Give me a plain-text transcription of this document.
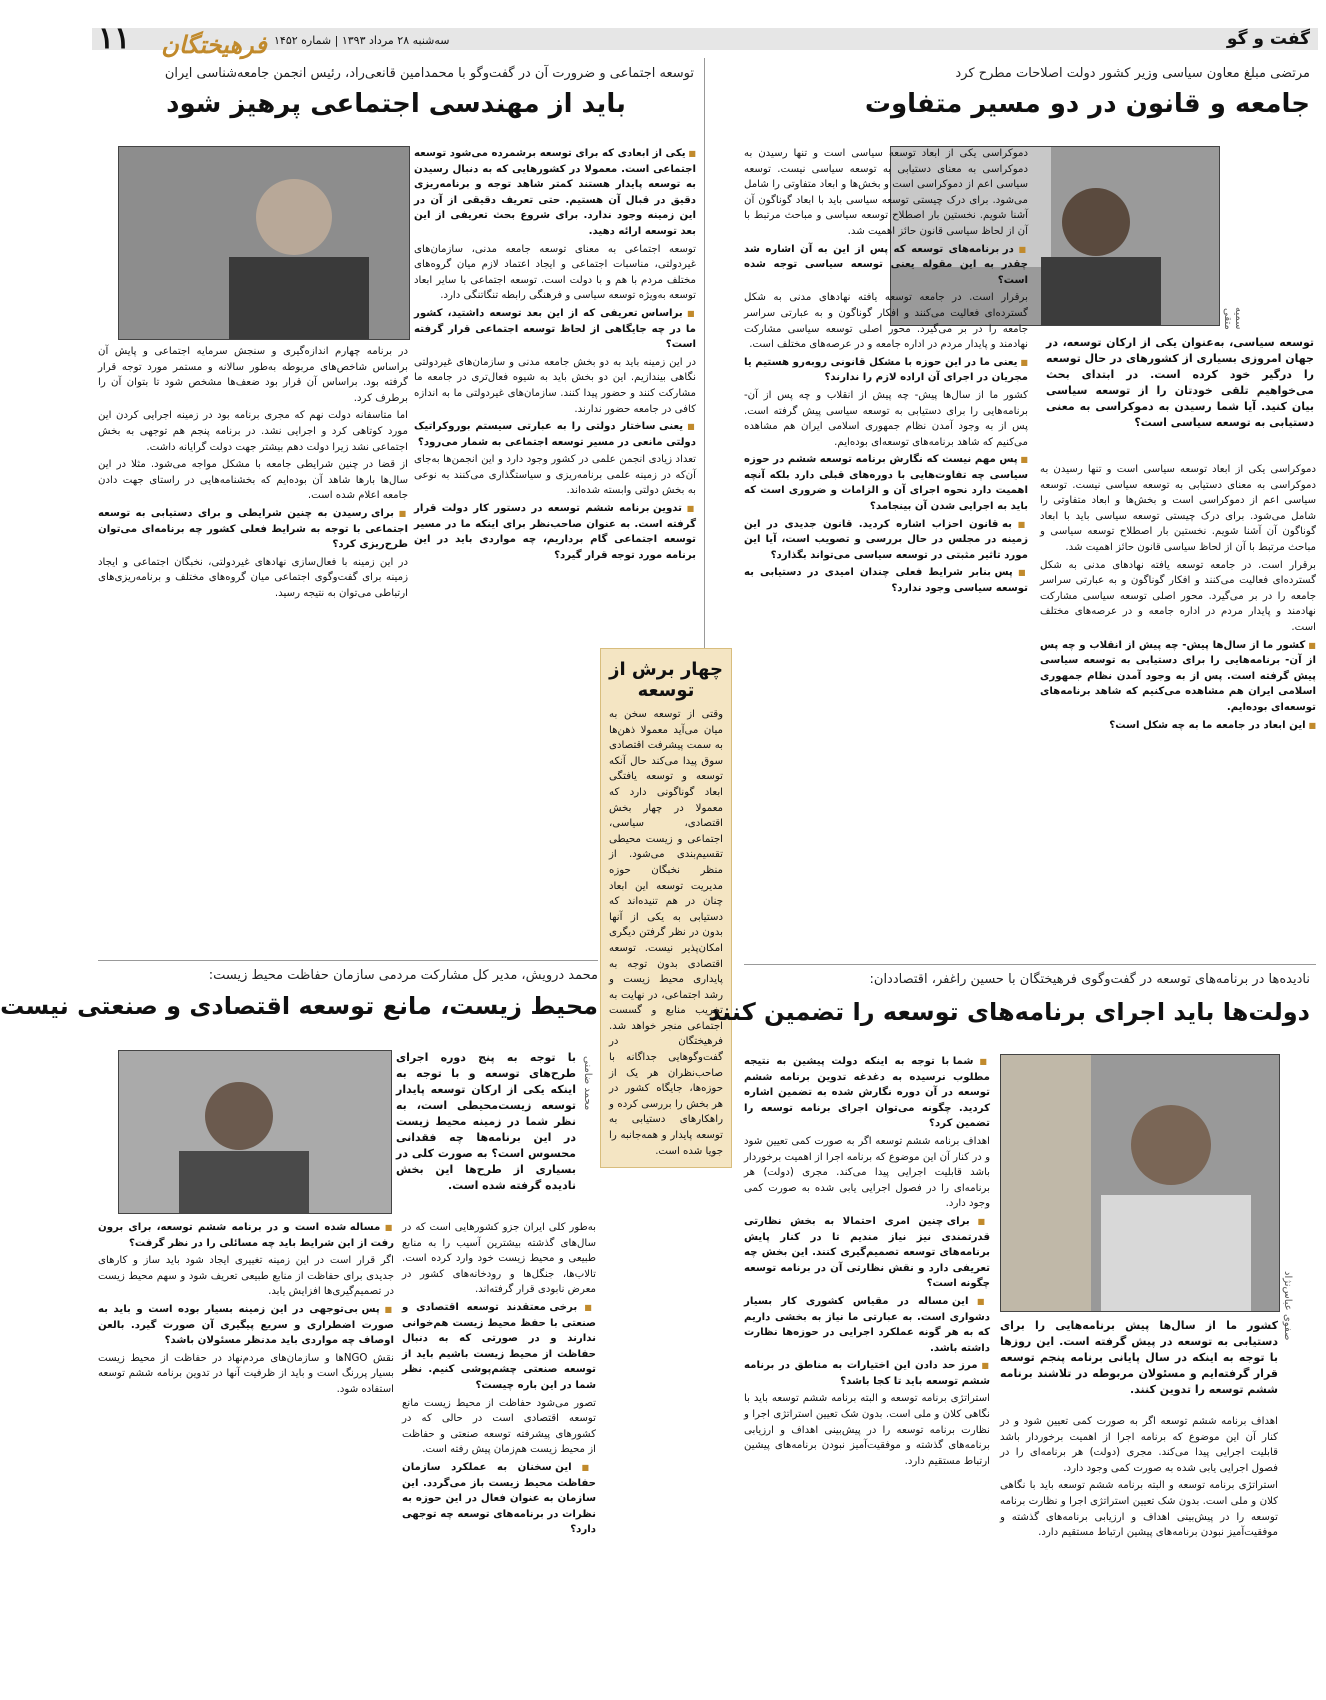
گفت و گو
۱۱	فرهیختگان سه‌شنبه ۲۸ مرداد ۱۳۹۳ | شماره ۱۴۵۲
مرتضی مبلغ معاون سیاسی وزیر کشور دولت اصلاحات مطرح کرد
جامعه و قانون در دو مسیر متفاوت
سمیه متقی
توسعه سیاسی، به‌عنوان یکی از ارکان توسعه، در جهان امروزی بسیاری از کشورهای در حال توسعه را درگیر خود کرده است. در ابتدای بحث می‌خواهیم تلقی خودتان را از توسعه سیاسی بیان کنید. آیا شما رسیدن به دموکراسی به معنی دستیابی به توسعه سیاسی است؟

دموکراسی یکی از ابعاد توسعه سیاسی است و تنها رسیدن به دموکراسی به معنای دستیابی به توسعه سیاسی نیست. توسعه سیاسی اعم از دموکراسی است و بخش‌ها و ابعاد متفاوتی را شامل می‌شود. برای درک چیستی توسعه سیاسی باید با ابعاد گوناگون آن آشنا شویم. نخستین بار اصطلاح توسعه سیاسی و مباحث مرتبط با آن از لحاظ سیاسی قانون حائز اهمیت شد.

برقرار است. در جامعه توسعه یافته نهادهای مدنی به شکل گسترده‌ای فعالیت می‌کنند و افکار گوناگون و به عبارتی سراسر جامعه را در بر می‌گیرد. محور اصلی توسعه سیاسی مشارکت نهادمند و پایدار مردم در اداره جامعه و در عرصه‌های مختلف است.

■ کشور ما از سال‌ها پیش- چه پیش از انقلاب و چه پس از آن- برنامه‌هایی را برای دستیابی به توسعه سیاسی پیش گرفته است. پس از به وجود آمدن نظام جمهوری اسلامی ایران هم مشاهده می‌کنیم که شاهد برنامه‌های توسعه‌ای بوده‌ایم.

■ این ابعاد در جامعه ما به چه شکل است؟

دموکراسی یکی از ابعاد توسعه سیاسی است و تنها رسیدن به دموکراسی به معنای دستیابی به توسعه سیاسی نیست. توسعه سیاسی اعم از دموکراسی است و بخش‌ها و ابعاد متفاوتی را شامل می‌شود. برای درک چیستی توسعه سیاسی باید با ابعاد گوناگون آن آشنا شویم. نخستین بار اصطلاح توسعه سیاسی و مباحث مرتبط با آن از لحاظ سیاسی قانون حائز اهمیت شد.

■ در برنامه‌های توسعه که پس از این به آن اشاره شد چقدر به این مقوله یعنی توسعه سیاسی توجه شده است؟

برقرار است. در جامعه توسعه یافته نهادهای مدنی به شکل گسترده‌ای فعالیت می‌کنند و افکار گوناگون و به عبارتی سراسر جامعه را در بر می‌گیرد. محور اصلی توسعه سیاسی مشارکت نهادمند و پایدار مردم در اداره جامعه و در عرصه‌های مختلف است.

■ یعنی ما در این حوزه با مشکل قانونی روبه‌رو هستیم یا مجریان در اجرای آن اراده لازم را ندارند؟

کشور ما از سال‌ها پیش- چه پیش از انقلاب و چه پس از آن- برنامه‌هایی را برای دستیابی به توسعه سیاسی پیش گرفته است. پس از به وجود آمدن نظام جمهوری اسلامی ایران هم مشاهده می‌کنیم که شاهد برنامه‌های توسعه‌ای بوده‌ایم.

■ پس مهم نیست که نگارش برنامه توسعه ششم در حوزه سیاسی چه تفاوت‌هایی با دوره‌های قبلی دارد بلکه آنچه اهمیت دارد نحوه اجرای آن و الزامات و ضروری است که باید به اجرایی شدن آن بینجامد؟

■ به قانون احزاب اشاره کردید. قانون جدیدی در این زمینه در مجلس در حال بررسی و تصویب است، آیا این مورد تاثیر مثبتی در توسعه سیاسی می‌تواند بگذارد؟

■ پس بنابر شرایط فعلی چندان امیدی در دستیابی به توسعه سیاسی وجود ندارد؟

توسعه اجتماعی و ضرورت آن در گفت‌وگو با محمدامین قانعی‌راد، رئیس انجمن جامعه‌شناسی ایران
باید از مهندسی اجتماعی پرهیز شود

■ یکی از ابعادی که برای توسعه برشمرده می‌شود توسعه اجتماعی است. معمولا در کشورهایی که به دنبال رسیدن به توسعه پایدار هستند کمتر شاهد توجه و برنامه‌ریزی دقیق در قبال آن هستیم. حتی تعریف دقیقی از آن در این زمینه وجود ندارد. برای شروع بحث تعریفی از این بعد توسعه ارائه دهید.

توسعه اجتماعی به معنای توسعه جامعه مدنی، سازمان‌های غیردولتی، مناسبات اجتماعی و ایجاد اعتماد لازم میان گروه‌های مختلف مردم با هم و با دولت است. توسعه اجتماعی با سایر ابعاد توسعه به‌ویژه توسعه سیاسی و فرهنگی رابطه تنگاتنگی دارد.

■ براساس تعریفی که از این بعد توسعه داشتید، کشور ما در چه جایگاهی از لحاظ توسعه اجتماعی قرار گرفته است؟

در این زمینه باید به دو بخش جامعه مدنی و سازمان‌های غیردولتی نگاهی بیندازیم. این دو بخش باید به شیوه فعال‌تری در جامعه ما مشارکت کنند و حضور پیدا کنند. سازمان‌های غیردولتی ما به اندازه کافی در جامعه حضور ندارند.

■ یعنی ساختار دولتی را به عبارتی سیستم بوروکراتیک دولتی مانعی در مسیر توسعه اجتماعی به شمار می‌رود؟

تعداد زیادی انجمن علمی در کشور وجود دارد و این انجمن‌ها به‌جای آن‌که در زمینه علمی برنامه‌ریزی و سیاستگذاری می‌کنند به نوعی به بخش دولتی وابسته شده‌اند.

■ تدوین برنامه ششم توسعه در دستور کار دولت قرار گرفته است. به عنوان صاحب‌نظر برای اینکه ما در مسیر توسعه اجتماعی گام برداریم، چه مواردی باید در این برنامه مورد توجه قرار گیرد؟

در برنامه چهارم اندازه‌گیری و سنجش سرمایه اجتماعی و پایش آن براساس شاخص‌های مربوطه به‌طور سالانه و مستمر مورد توجه قرار گرفته بود. براساس آن قرار بود ضعف‌ها مشخص شود تا بتوان آن را برطرف کرد.

اما متاسفانه دولت نهم که مجری برنامه بود در زمینه اجرایی کردن این مورد کوتاهی کرد و اجرایی نشد. در برنامه پنجم هم توجهی به بخش اجتماعی نشد زیرا دولت دهم بیشتر جهت دولت گرایانه داشت.

از قضا در چنین شرایطی جامعه با مشکل مواجه می‌شود. مثلا در این سال‌ها بارها شاهد آن بوده‌ایم که بخشنامه‌هایی در راستای جهت دادن جامعه اعلام شده است.

■ برای رسیدن به چنین شرایطی و برای دستیابی به توسعه اجتماعی با توجه به شرایط فعلی کشور چه برنامه‌ای می‌توان طرح‌ریزی کرد؟

در این زمینه با فعال‌سازی نهادهای غیردولتی، نخبگان اجتماعی و ایجاد زمینه برای گفت‌وگوی اجتماعی میان گروه‌های مختلف و برنامه‌ریزی‌های ارتباطی می‌توان به نتیجه رسید.

چهار برش از توسعه
وقتی از توسعه سخن به میان می‌آید معمولا ذهن‌ها به سمت پیشرفت اقتصادی سوق پیدا می‌کند حال آنکه توسعه و توسعه یافتگی ابعاد گوناگونی دارد که معمولا در چهار بخش اقتصادی، سیاسی، اجتماعی و زیست محیطی تقسیم‌بندی می‌شود. از منظر نخبگان حوزه مدیریت توسعه این ابعاد چنان در هم تنیده‌اند که دستیابی به یکی از آنها بدون در نظر گرفتن دیگری امکان‌پذیر نیست. توسعه اقتصادی بدون توجه به پایداری محیط زیست و رشد اجتماعی، در نهایت به تخریب منابع و گسست اجتماعی منجر خواهد شد. فرهیختگان در گفت‌وگوهایی جداگانه با صاحب‌نظران هر یک از حوزه‌ها، جایگاه کشور در هر بخش را بررسی کرده و راهکارهای دستیابی به توسعه پایدار و همه‌جانبه را جویا شده است.
محمد درویش، مدیر کل مشارکت مردمی سازمان حفاظت محیط زیست:
محیط زیست، مانع توسعه اقتصادی و صنعتی نیست
محمد ضامنی
با توجه به پنج دوره اجرای طرح‌های توسعه و با توجه به اینکه یکی از ارکان توسعه پایدار توسعه زیست‌محیطی است، به نظر شما در زمینه محیط زیست در این برنامه‌ها چه فقدانی محسوس است؟ به صورت کلی در بسیاری از طرح‌ها این بخش نادیده گرفته شده است.

به‌طور کلی ایران جزو کشورهایی است که در سال‌های گذشته بیشترین آسیب را به منابع طبیعی و محیط زیست خود وارد کرده است. تالاب‌ها، جنگل‌ها و رودخانه‌های کشور در معرض نابودی قرار گرفته‌اند.

■ برخی معتقدند توسعه اقتصادی و صنعتی با حفظ محیط زیست هم‌خوانی ندارند و در صورتی که به دنبال حفاظت از محیط زیست باشیم باید از توسعه صنعتی چشم‌پوشی کنیم. نظر شما در این باره چیست؟

تصور می‌شود حفاظت از محیط زیست مانع توسعه اقتصادی است در حالی که در کشورهای پیشرفته توسعه صنعتی و حفاظت از محیط زیست هم‌زمان پیش رفته است.

■ این سخنان به عملکرد سازمان حفاظت محیط زیست باز می‌گردد. این سازمان به عنوان فعال در این حوزه به نظرات در برنامه‌های توسعه چه توجهی دارد؟

■ مساله شده است و در برنامه ششم توسعه، برای برون رفت از این شرایط باید چه مسائلی را در نظر گرفت؟

اگر قرار است در این زمینه تغییری ایجاد شود باید ساز و کارهای جدیدی برای حفاظت از منابع طبیعی تعریف شود و سهم محیط زیست در تصمیم‌گیری‌ها افزایش یابد.

■ پس بی‌توجهی در این زمینه بسیار بوده است و باید به صورت اضطراری و سریع پیگیری آن صورت گیرد. بالعن اوصاف چه مواردی باید مدنظر مسئولان باشد؟

نقش NGOها و سازمان‌های مردم‌نهاد در حفاظت از محیط زیست بسیار پررنگ است و باید از ظرفیت آنها در تدوین برنامه ششم توسعه استفاده شود.

نادیده‌ها در برنامه‌های توسعه در گفت‌وگوی فرهیختگان با حسین راغفر، اقتصاددان:
دولت‌ها باید اجرای برنامه‌های توسعه را تضمین کنند
صفوی عباس‌نژاد
کشور ما از سال‌ها پیش برنامه‌هایی را برای دستیابی به توسعه در پیش گرفته است. این روزها با توجه به اینکه در سال پایانی برنامه پنجم توسعه قرار گرفته‌ایم و مسئولان مربوطه در تلاشند برنامه ششم توسعه را تدوین کنند.

■ شما با توجه به اینکه دولت پیشین به نتیجه مطلوب نرسیده به دغدغه تدوین برنامه ششم توسعه در آن دوره نگارش شده به تضمین اشاره کردید. چگونه می‌توان اجرای برنامه توسعه را تضمین کرد؟

اهداف برنامه ششم توسعه اگر به صورت کمی تعیین شود و در کنار آن این موضوع که برنامه اجرا از اهمیت برخوردار باشد قابلیت اجرایی پیدا می‌کند. مجری (دولت) هر برنامه‌ای را در فصول اجرایی یابی شده به صورت کمی وجود دارد.

■ برای چنین امری احتمالا به بخش نظارتی قدرتمندی نیز نیاز مندیم تا در کنار پایش برنامه‌های توسعه تصمیم‌گیری کنند. این بخش چه تعریفی دارد و نقش نظارتی آن در برنامه توسعه چگونه است؟

■ این مساله در مقیاس کشوری کار بسیار دشواری است. به عبارتی ما نیاز به بخشی داریم که به هر گونه عملکرد اجرایی در حوزه‌ها نظارت داشته باشد.

■ مرز حد دادن این اختیارات به مناطق در برنامه ششم توسعه باید تا کجا باشد؟

استراتژی برنامه توسعه و البته برنامه ششم توسعه باید با نگاهی کلان و ملی است. بدون شک تعیین استراتژی اجرا و نظارت برنامه توسعه را در پیش‌بینی اهداف و ارزیابی برنامه‌های گذشته و موفقیت‌آمیز نبودن برنامه‌های پیشین ارتباط مستقیم دارد.

اهداف برنامه ششم توسعه اگر به صورت کمی تعیین شود و در کنار آن این موضوع که برنامه اجرا از اهمیت برخوردار باشد قابلیت اجرایی پیدا می‌کند. مجری (دولت) هر برنامه‌ای را در فصول اجرایی یابی شده به صورت کمی وجود دارد.

استراتژی برنامه توسعه و البته برنامه ششم توسعه باید با نگاهی کلان و ملی است. بدون شک تعیین استراتژی اجرا و نظارت برنامه توسعه را در پیش‌بینی اهداف و ارزیابی برنامه‌های گذشته و موفقیت‌آمیز نبودن برنامه‌های پیشین ارتباط مستقیم دارد.
